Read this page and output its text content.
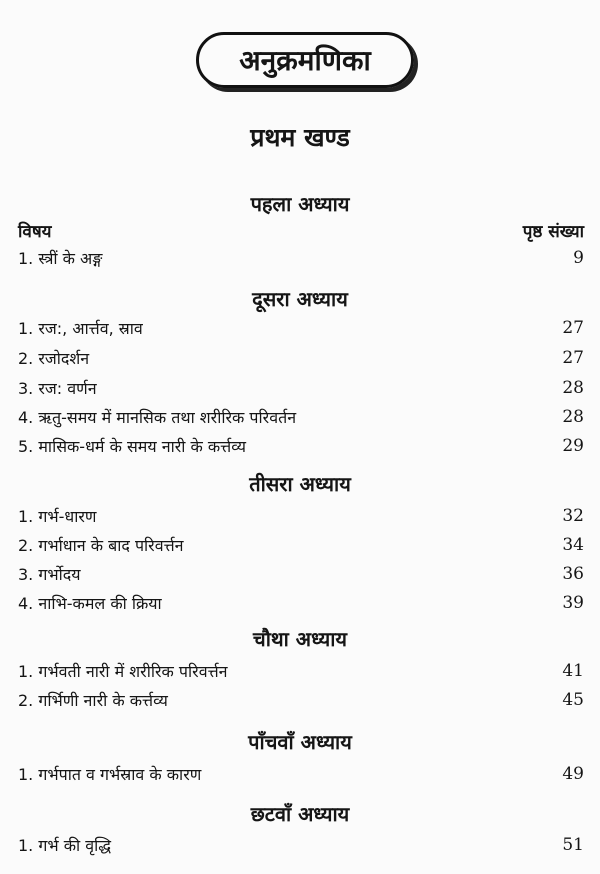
अनुक्रमणिका
प्रथम खण्ड
पहला अध्याय
विषय	पृष्ठ संख्या
1. स्त्रीं के अङ्ग	9
दूसरा अध्याय
1. रज:, आर्त्तव, स्राव	27
2. रजोदर्शन	27
3. रज: वर्णन	28
4. ऋतु-समय में मानसिक तथा शरीरिक परिवर्तन	28
5. मासिक-धर्म के समय नारी के कर्त्तव्य	29
तीसरा अध्याय
1. गर्भ-धारण	32
2. गर्भाधान के बाद परिवर्त्तन	34
3. गर्भोदय	36
4. नाभि-कमल की क्रिया	39
चौथा अध्याय
1. गर्भवती नारी में शरीरिक परिवर्त्तन	41
2. गर्भिणी नारी के कर्त्तव्य	45
पाँचवाँ अध्याय
1. गर्भपात व गर्भस्राव के कारण	49
छटवाँ अध्याय
1. गर्भ की वृद्धि	51
